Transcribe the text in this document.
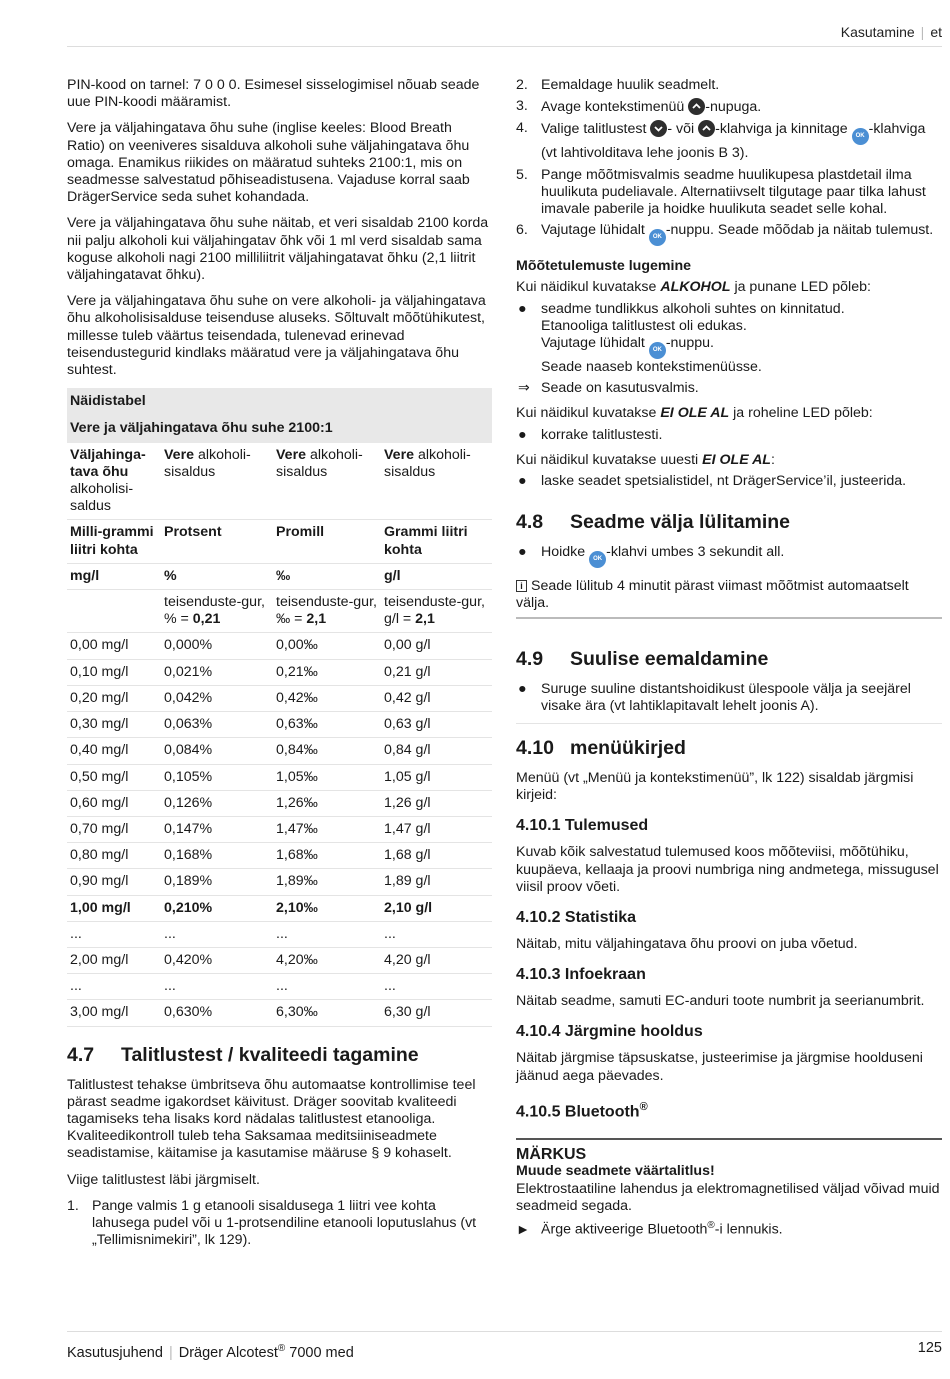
Kasutamine | et

PIN-kood on tarnel: 7 0 0 0. Esimesel sisselogimisel nõuab seade uue PIN-koodi määramist.

Vere ja väljahingatava õhu suhe (inglise keeles: Blood Breath Ratio) on veeniveres sisalduva alkoholi suhe väljahingatava õhu omaga. Enamikus riikides on määratud suhteks 2100:1, mis on seadmesse salvestatud põhiseadistusena. Vajaduse korral saab DrägerService seda suhet kohandada.

Vere ja väljahingatava õhu suhe näitab, et veri sisaldab 2100 korda nii palju alkoholi kui väljahingatav õhk või 1 ml verd sisaldab sama koguse alkoholi nagi 2100 milliliitrit väljahingatavat õhku (2,1 liitrit väljahingatavat õhku).

Vere ja väljahingatava õhu suhe on vere alkoholi- ja väljahingatava õhu alkoholisisalduse teisenduse aluseks. Sõltuvalt mõõtühikutest, millesse tuleb väärtus teisendada, tulenevad erinevad teisendustegurid kindlaks määratud vere ja väljahingatava õhu suhtest.

Näidistabel			
Vere ja väljahingatava õhu suhe 2100:1			
Väljahinga-tava õhu alkoholisi-saldus	Vere alkoholi-sisaldus	Vere alkoholi-sisaldus	Vere alkoholi-sisaldus
Milli-grammi liitri kohta	Protsent	Promill	Grammi liitri kohta
mg/l	%	‰	g/l
	teisenduste-gur, % = 0,21	teisenduste-gur, ‰ = 2,1	teisenduste-gur, g/l = 2,1
0,00 mg/l	0,000%	0,00‰	0,00 g/l
0,10 mg/l	0,021%	0,21‰	0,21 g/l
0,20 mg/l	0,042%	0,42‰	0,42 g/l
0,30 mg/l	0,063%	0,63‰	0,63 g/l
0,40 mg/l	0,084%	0,84‰	0,84 g/l
0,50 mg/l	0,105%	1,05‰	1,05 g/l
0,60 mg/l	0,126%	1,26‰	1,26 g/l
0,70 mg/l	0,147%	1,47‰	1,47 g/l
0,80 mg/l	0,168%	1,68‰	1,68 g/l
0,90 mg/l	0,189%	1,89‰	1,89 g/l
1,00 mg/l	0,210%	2,10‰	2,10 g/l
...	...	...	...
2,00 mg/l	0,420%	4,20‰	4,20 g/l
...	...	...	...
3,00 mg/l	0,630%	6,30‰	6,30 g/l
4.7 Talitlustest / kvaliteedi tagamine

Talitlustest tehakse ümbritseva õhu automaatse kontrollimise teel pärast seadme igakordset käivitust. Dräger soovitab kvaliteedi tagamiseks teha lisaks kord nädalas talitlustest etanooliga. Kvaliteedikontroll tuleb teha Saksamaa meditsiiniseadmete seadistamise, käitamise ja kasutamise määruse § 9 kohaselt.

Viige talitlustest läbi järgmiselt.

1. Pange valmis 1 g etanooli sisaldusega 1 liitri vee kohta lahusega pudel või u 1-protsendiline etanooli loputuslahus (vt „Tellimisnimekiri”, lk 129).
2. Eemaldage huulik seadmelt.
3. Avage kontekstimenüü -nupuga.
4. Valige talitlustest - või -klahviga ja kinnitage OK -klahviga (vt lahtivolditava lehe joonis B 3).
5. Pange mõõtmisvalmis seadme huulikupesa plastdetail ilma huulikuta pudeliavale. Alternatiivselt tilgutage paar tilka lahust imavale paberile ja hoidke huulikuta seadet selle kohal.
6. Vajutage lühidalt OK -nuppu. Seade mõõdab ja näitab tulemust.
Mõõtetulemuste lugemine

Kui näidikul kuvatakse ALKOHOL ja punane LED põleb:

● seadme tundlikkus alkoholi suhtes on kinnitatud.
Etanooliga talitlustest oli edukas.
Vajutage lühidalt OK -nuppu.
Seade naaseb kontekstimenüüsse.
⇒ Seade on kasutusvalmis.

Kui näidikul kuvatakse EI OLE AL ja roheline LED põleb:

● korrake talitlustesti.

Kui näidikul kuvatakse uuesti EI OLE AL:

● laske seadet spetsialistidel, nt DrägerService’il, justeerida.
4.8 Seadme välja lülitamine
● Hoidke OK -klahvi umbes 3 sekundit all.
i Seade lülitub 4 minutit pärast viimast mõõtmist automaatselt välja.
4.9 Suulise eemaldamine
● Suruge suuline distantshoidikust ülespoole välja ja seejärel visake ära (vt lahtiklapitavalt lehelt joonis A).
4.10 menüükirjed

Menüü (vt „Menüü ja kontekstimenüü”, lk 122) sisaldab järgmisi kirjeid:

4.10.1 Tulemused

Kuvab kõik salvestatud tulemused koos mõõteviisi, mõõtühiku, kuupäeva, kellaaja ja proovi numbriga ning andmetega, missugusel viisil proov võeti.

4.10.2 Statistika

Näitab, mitu väljahingatava õhu proovi on juba võetud.

4.10.3 Infoekraan

Näitab seadme, samuti EC-anduri toote numbrit ja seerianumbrit.

4.10.4 Järgmine hooldus

Näitab järgmise täpsuskatse, justeerimise ja järgmise hoolduseni jäänud aega päevades.

4.10.5 Bluetooth®
MÄRKUS
Muude seadmete väärtalitlus!
Elektrostaatiline lahendus ja elektromagnetilised väljad võivad muid seadmeid segada.
► Ärge aktiveerige Bluetooth®-i lennukis.
Kasutusjuhend | Dräger Alcotest® 7000 med	125
